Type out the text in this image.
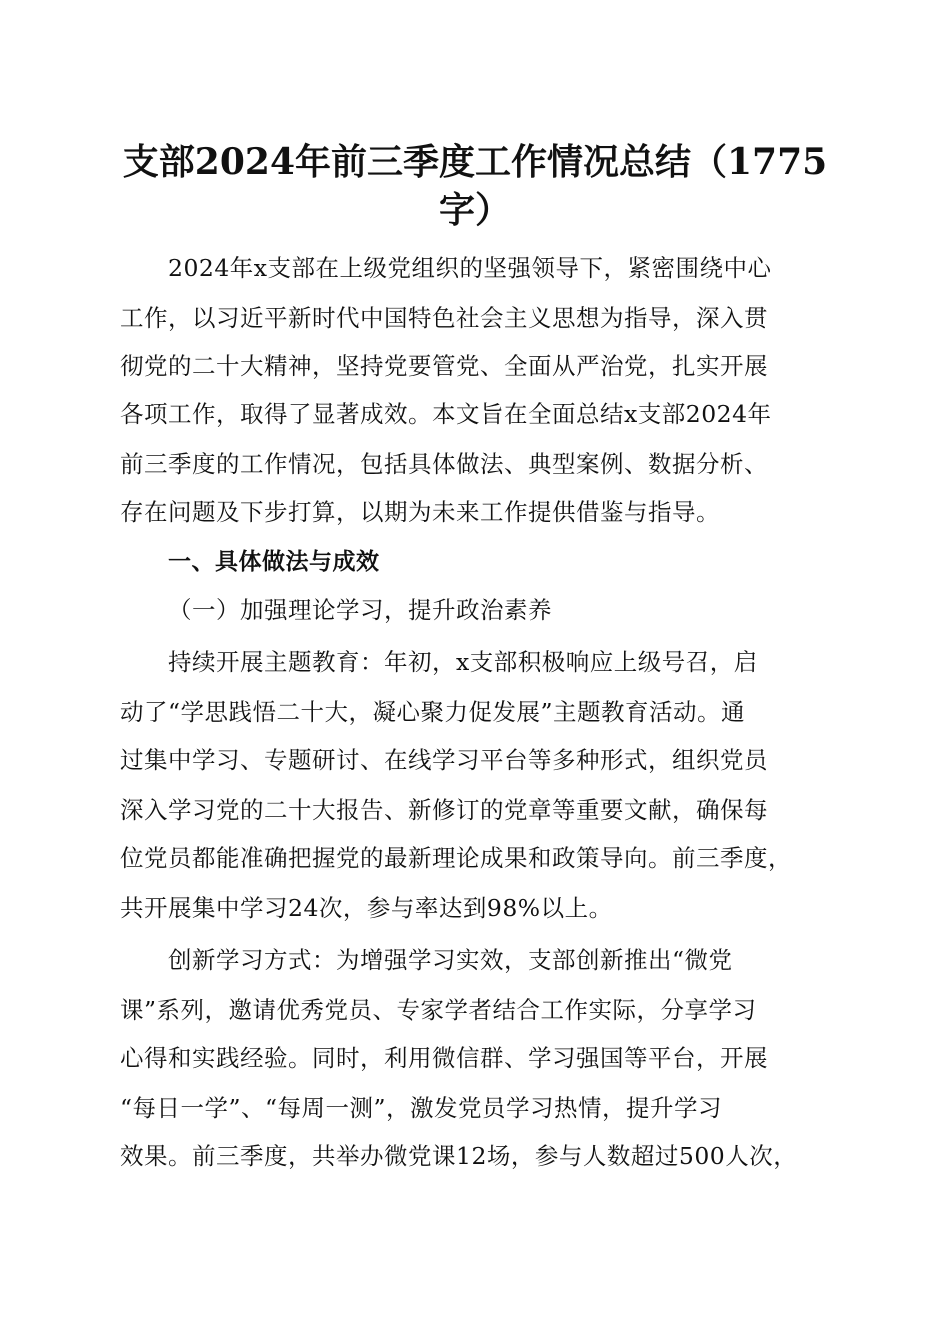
支部2024年前三季度工作情况总结（1775
字）
2024年x支部在上级党组织的坚强领导下，紧密围绕中心
工作，以习近平新时代中国特色社会主义思想为指导，深入贯
彻党的二十大精神，坚持党要管党、全面从严治党，扎实开展
各项工作，取得了显著成效。本文旨在全面总结x支部2024年
前三季度的工作情况，包括具体做法、典型案例、数据分析、
存在问题及下步打算，以期为未来工作提供借鉴与指导。
一、具体做法与成效
（一）加强理论学习，提升政治素养
持续开展主题教育：年初，x支部积极响应上级号召，启
动了“学思践悟二十大，凝心聚力促发展”主题教育活动。通
过集中学习、专题研讨、在线学习平台等多种形式，组织党员
深入学习党的二十大报告、新修订的党章等重要文献，确保每
位党员都能准确把握党的最新理论成果和政策导向。前三季度，
共开展集中学习24次，参与率达到98%以上。
创新学习方式：为增强学习实效，支部创新推出“微党
课”系列，邀请优秀党员、专家学者结合工作实际，分享学习
心得和实践经验。同时，利用微信群、学习强国等平台，开展
“每日一学”、“每周一测”，激发党员学习热情，提升学习
效果。前三季度，共举办微党课12场，参与人数超过500人次，
